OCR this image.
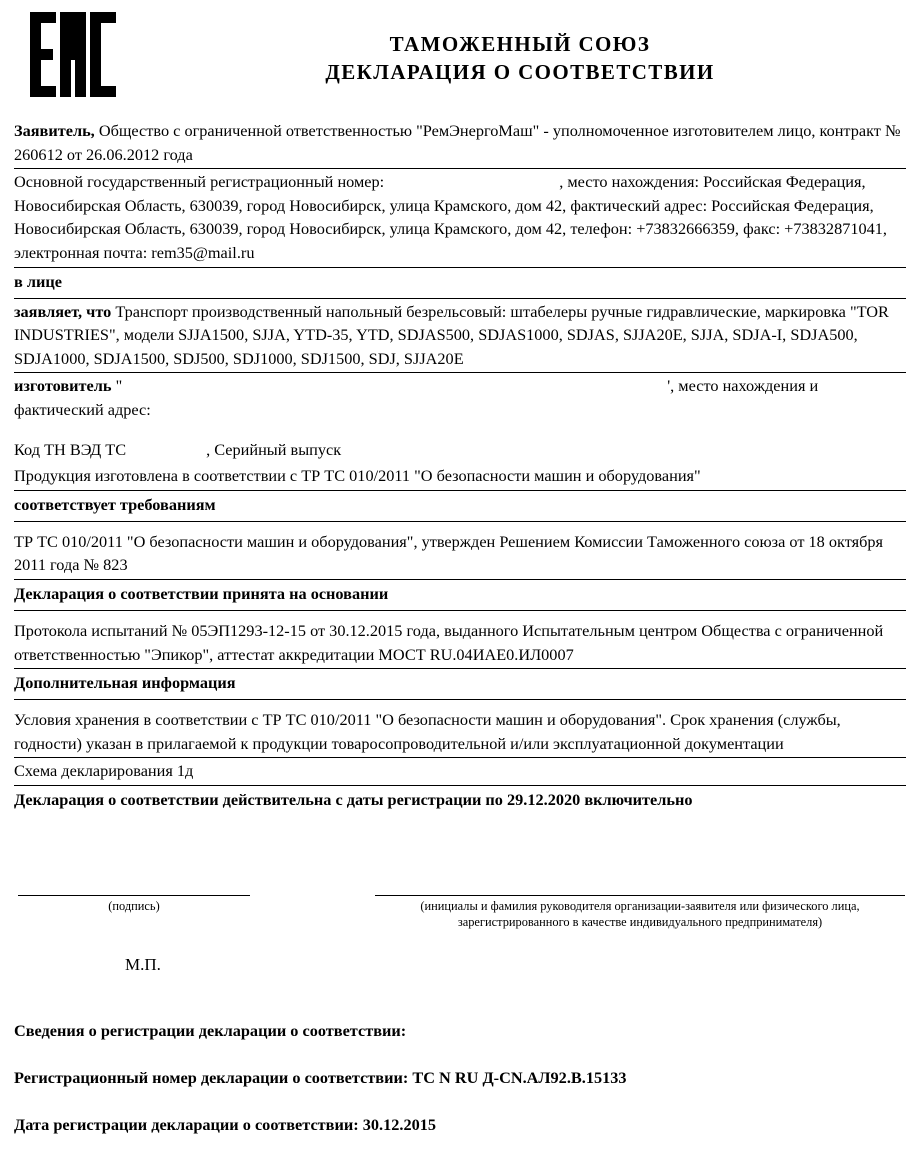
ТАМОЖЕННЫЙ СОЮЗ
ДЕКЛАРАЦИЯ О СООТВЕТСТВИИ
Заявитель, Общество с ограниченной ответственностью "РемЭнергоМаш" - уполномоченное изготовителем лицо, контракт № 260612 от 26.06.2012 года
Основной государственный регистрационный номер:	, место нахождения: Российская Федерация, Новосибирская Область, 630039, город Новосибирск, улица Крамского, дом 42, фактический адрес: Российская Федерация, Новосибирская Область, 630039, город Новосибирск, улица Крамского, дом 42, телефон: +73832666359, факс: +73832871041, электронная почта: rem35@mail.ru
в лице
заявляет, что Транспорт производственный напольный безрельсовый: штабелеры ручные гидравлические, маркировка "TOR INDUSTRIES", модели SJJA1500, SJJA, YTD-35, YTD, SDJAS500, SDJAS1000, SDJAS, SJJA20E, SJJA, SDJA-I, SDJA500, SDJA1000, SDJA1500, SDJ500, SDJ1000, SDJ1500, SDJ, SJJA20E
изготовитель "	', место нахождения и фактический адрес:
Код ТН ВЭД ТС	, Серийный выпуск
Продукция изготовлена в соответствии с ТР ТС 010/2011 "О безопасности машин и оборудования"
соответствует требованиям
ТР ТС 010/2011 "О безопасности машин и оборудования", утвержден Решением Комиссии Таможенного союза от 18 октября 2011 года № 823
Декларация о соответствии принята на основании
Протокола испытаний № 05ЭП1293-12-15 от 30.12.2015 года, выданного Испытательным центром Общества с ограниченной ответственностью "Эпикор", аттестат аккредитации МОСТ RU.04ИАЕ0.ИЛ0007
Дополнительная информация
Условия хранения в соответствии с ТР ТС 010/2011 "О безопасности машин и оборудования". Срок хранения (службы, годности) указан в прилагаемой к продукции товаросопроводительной и/или эксплуатационной документации
Схема декларирования 1д
Декларация о соответствии действительна с даты регистрации по 29.12.2020 включительно
(подпись)	(инициалы и фамилия руководителя организации-заявителя или физического лица,
зарегистрированного в качестве индивидуального предпринимателя)
М.П.
Сведения о регистрации декларации о соответствии:
Регистрационный номер декларации о соответствии: ТС N RU Д-CN.АЛ92.В.15133
Дата регистрации декларации о соответствии: 30.12.2015
